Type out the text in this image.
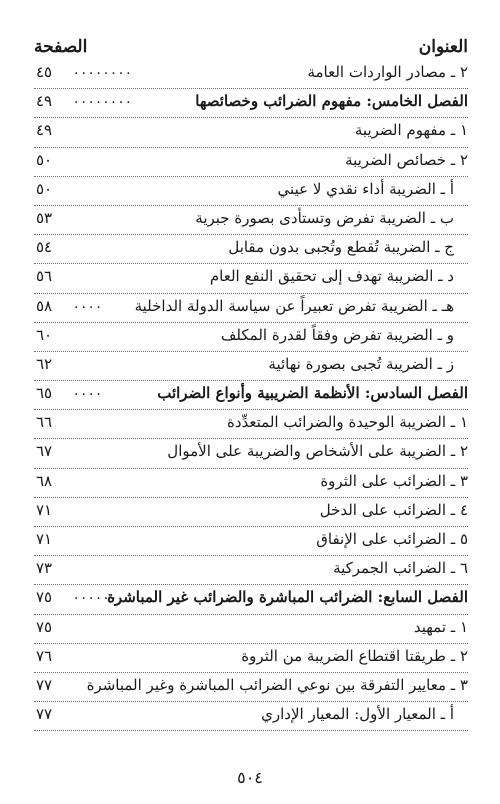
العنوان
الصفحة
٢ ـ مصادر الواردات العامة
........
٤٥
الفصل الخامس: مفهوم الضرائب وخصائصها
........
٤٩
١ ـ مفهوم الضريبة
٤٩
٢ ـ خصائص الضريبة
٥٠
أ ـ الضريبة أداء نقدي لا عيني
٥٠
ب ـ الضريبة تفرض وتستأدى بصورة جبرية
٥٣
ج ـ الضريبة تُقطع وتُجبى بدون مقابل
٥٤
د ـ الضريبة تهدف إلى تحقيق النفع العام
٥٦
هـ ـ الضريبة تفرض تعبيراً عن سياسة الدولة الداخلية
....
٥٨
و ـ الضريبة تفرض وفقاً لقدرة المكلف
٦٠
ز ـ الضريبة تُجبى بصورة نهائية
٦٢
الفصل السادس: الأنظمة الضريبية وأنواع الضرائب
....
٦٥
١ ـ الضريبة الوحيدة والضرائب المتعدِّدة
٦٦
٢ ـ الضريبة على الأشخاص والضريبة على الأموال
٦٧
٣ ـ الضرائب على الثروة
٦٨
٤ ـ الضرائب على الدخل
٧١
٥ ـ الضرائب على الإنفاق
٧١
٦ ـ الضرائب الجمركية
٧٣
الفصل السابع: الضرائب المباشرة والضرائب غير المباشرة
......
٧٥
١ ـ تمهيد
٧٥
٢ ـ طريقتا اقتطاع الضريبة من الثروة
٧٦
٣ ـ معايير التفرقة بين نوعي الضرائب المباشرة وغير المباشرة
٧٧
أ ـ المعيار الأول: المعيار الإداري
٧٧
٥٠٤
